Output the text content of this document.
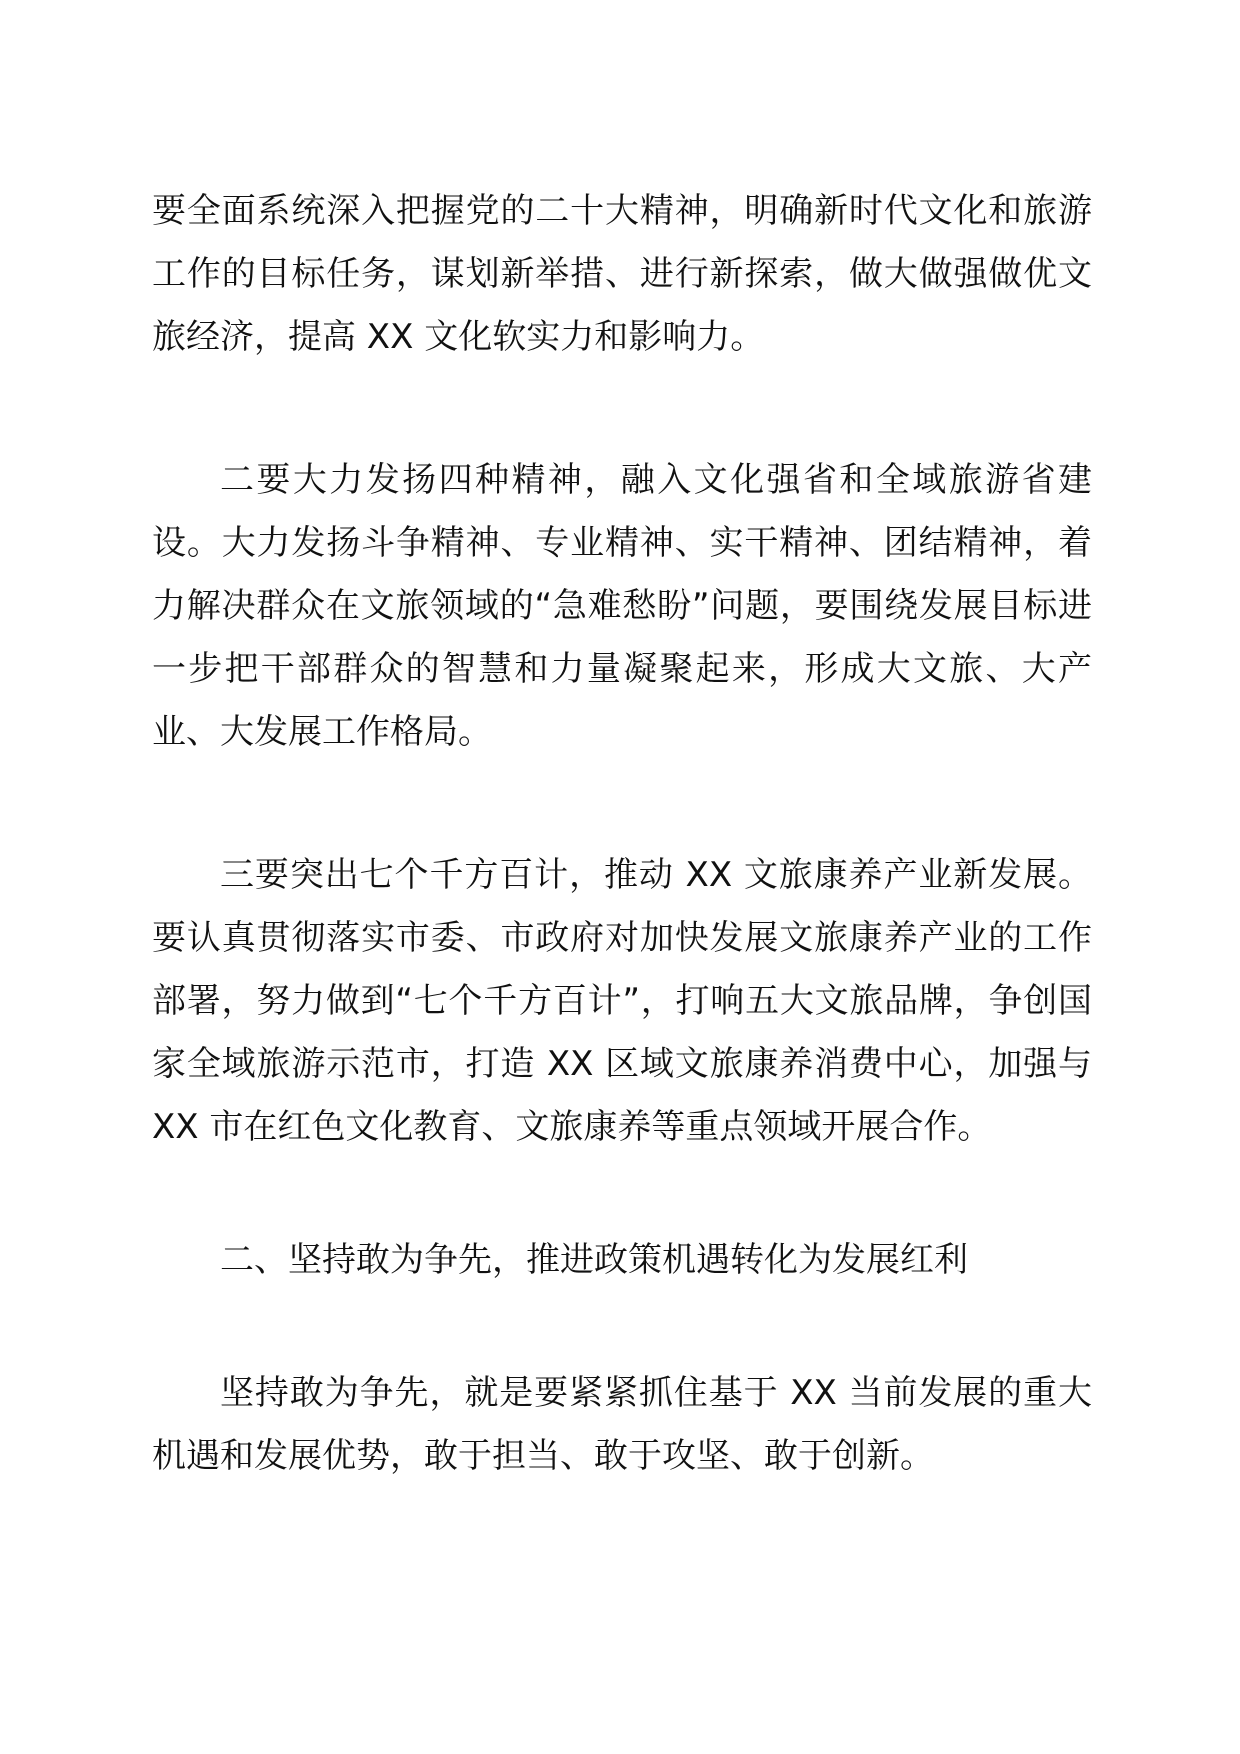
要全面系统深入把握党的二十大精神，明确新时代文化和旅游工作的目标任务，谋划新举措、进行新探索，做大做强做优文旅经济，提高 XX 文化软实力和影响力。

二要大力发扬四种精神，融入文化强省和全域旅游省建设。大力发扬斗争精神、专业精神、实干精神、团结精神，着力解决群众在文旅领域的“急难愁盼”问题，要围绕发展目标进一步把干部群众的智慧和力量凝聚起来，形成大文旅、大产业、大发展工作格局。

三要突出七个千方百计，推动 XX 文旅康养产业新发展。要认真贯彻落实市委、市政府对加快发展文旅康养产业的工作部署，努力做到“七个千方百计”，打响五大文旅品牌，争创国家全域旅游示范市，打造 XX 区域文旅康养消费中心，加强与 XX 市在红色文化教育、文旅康养等重点领域开展合作。

二、坚持敢为争先，推进政策机遇转化为发展红利

坚持敢为争先，就是要紧紧抓住基于 XX 当前发展的重大机遇和发展优势，敢于担当、敢于攻坚、敢于创新。
